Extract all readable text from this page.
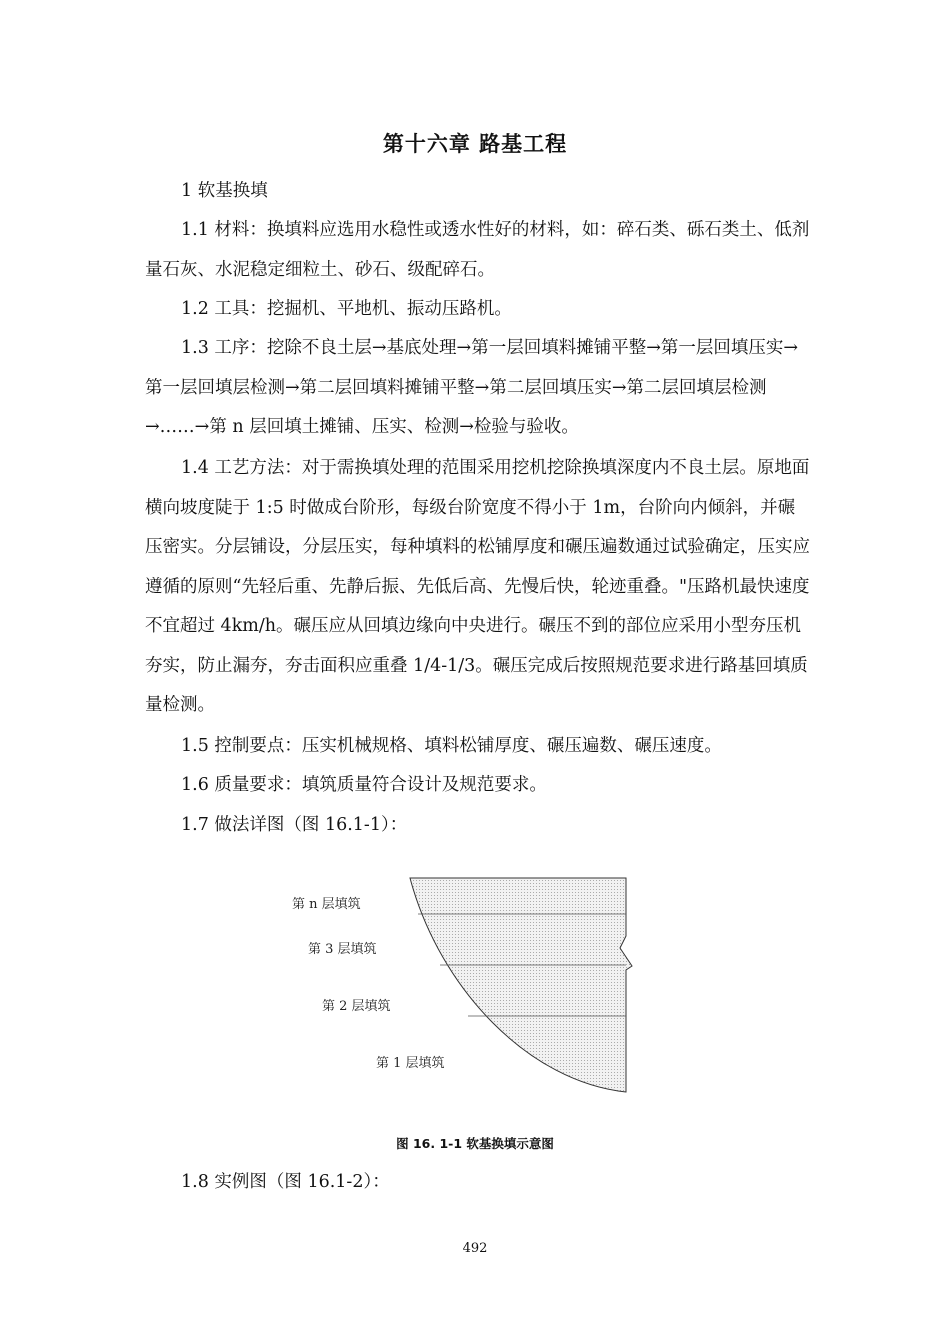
第十六章 路基工程

1 软基换填

1.1 材料：换填料应选用水稳性或透水性好的材料，如：碎石类、砾石类土、低剂量石灰、水泥稳定细粒土、砂石、级配碎石。

1.2 工具：挖掘机、平地机、振动压路机。

1.3 工序：挖除不良土层→基底处理→第一层回填料摊铺平整→第一层回填压实→第一层回填层检测→第二层回填料摊铺平整→第二层回填压实→第二层回填层检测→……→第 n 层回填土摊铺、压实、检测→检验与验收。

1.4 工艺方法：对于需换填处理的范围采用挖机挖除换填深度内不良土层。原地面横向坡度陡于 1:5 时做成台阶形，每级台阶宽度不得小于 1m，台阶向内倾斜，并碾压密实。分层铺设，分层压实，每种填料的松铺厚度和碾压遍数通过试验确定，压实应遵循的原则“先轻后重、先静后振、先低后高、先慢后快，轮迹重叠。"压路机最快速度不宜超过 4km/h。碾压应从回填边缘向中央进行。碾压不到的部位应采用小型夯压机夯实，防止漏夯，夯击面积应重叠 1/4-1/3。碾压完成后按照规范要求进行路基回填质量检测。

1.5 控制要点：压实机械规格、填料松铺厚度、碾压遍数、碾压速度。

1.6 质量要求：填筑质量符合设计及规范要求。

1.7 做法详图（图 16.1-1）：

第 n 层填筑
第 3 层填筑
第 2 层填筑
第 1 层填筑
图 16. 1-1 软基换填示意图

1.8 实例图（图 16.1-2）：

492
